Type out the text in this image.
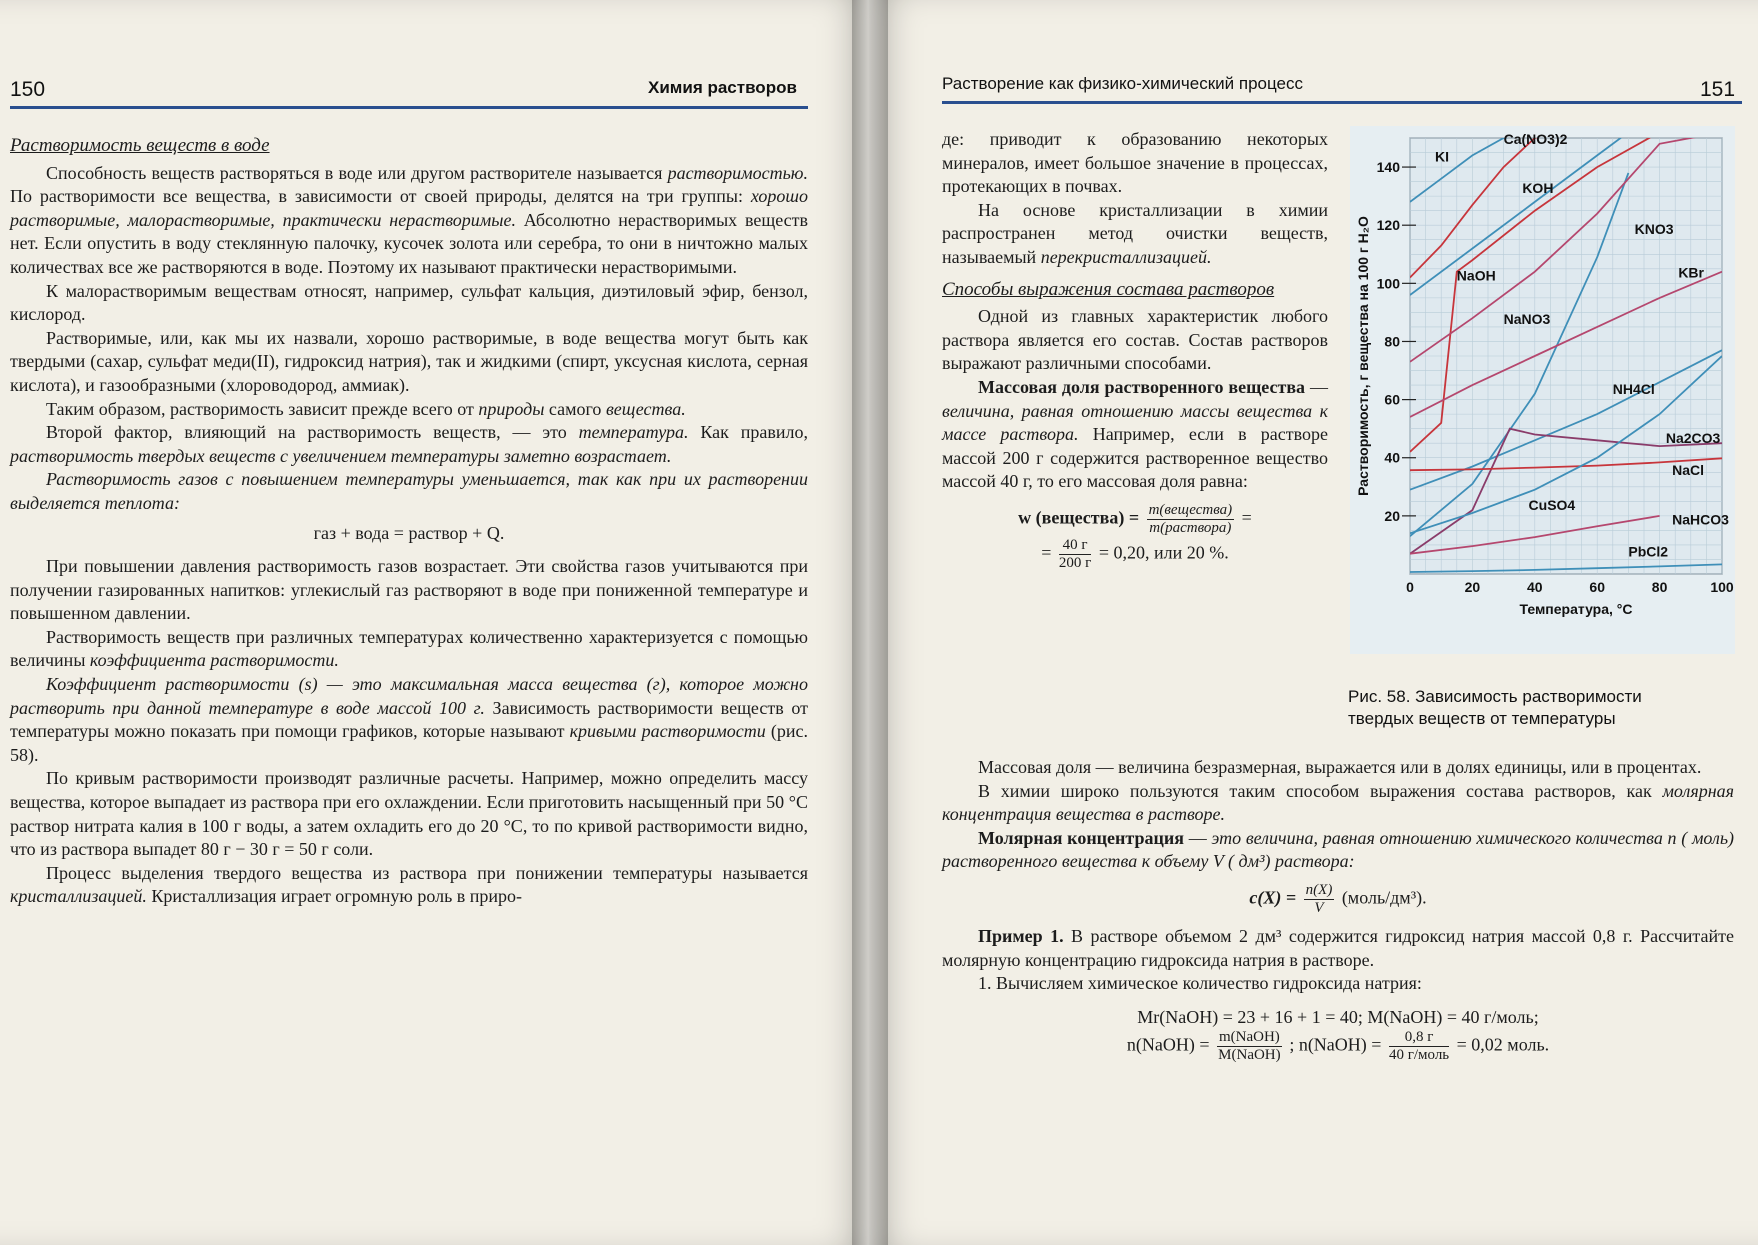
150	Химия растворов

Растворимость веществ в воде

Способность веществ растворяться в воде или другом растворителе называется растворимостью. По растворимости все вещества, в зависимости от своей природы, делятся на три группы: хорошо растворимые, малорастворимые, практически нерастворимые. Абсолютно нерастворимых веществ нет. Если опустить в воду стеклянную палочку, кусочек золота или серебра, то они в ничтожно малых количествах все же растворяются в воде. Поэтому их называют практически нерастворимыми.

К малорастворимым веществам относят, например, сульфат кальция, диэтиловый эфир, бензол, кислород.

Растворимые, или, как мы их назвали, хорошо растворимые, в воде вещества могут быть как твердыми (сахар, сульфат меди(II), гидроксид натрия), так и жидкими (спирт, уксусная кислота, серная кислота), и газообразными (хлороводород, аммиак).

Таким образом, растворимость зависит прежде всего от природы самого вещества.

Второй фактор, влияющий на растворимость веществ, — это температура. Как правило, растворимость твердых веществ с увеличением температуры заметно возрастает.

Растворимость газов с повышением температуры уменьшается, так как при их растворении выделяется теплота:

газ + вода = раствор + Q.

При повышении давления растворимость газов возрастает. Эти свойства газов учитываются при получении газированных напитков: углекислый газ растворяют в воде при пониженной температуре и повышенном давлении.

Растворимость веществ при различных температурах количественно характеризуется с помощью величины коэффициента растворимости.

Коэффициент растворимости (s) — это максимальная масса вещества (г), которое можно растворить при данной температуре в воде массой 100 г. Зависимость растворимости веществ от температуры можно показать при помощи графиков, которые называют кривыми растворимости (рис. 58).

По кривым растворимости производят различные расчеты. Например, можно определить массу вещества, которое выпадает из раствора при его охлаждении. Если приготовить насыщенный при 50 °С раствор нитрата калия в 100 г воды, а затем охладить его до 20 °С, то по кривой растворимости видно, что из раствора выпадет 80 г − 30 г = 50 г соли.

Процесс выделения твердого вещества из раствора при понижении температуры называется кристаллизацией. Кристаллизация играет огромную роль в приро-

Растворение как физико-химический процесс	151

де: приводит к образованию некоторых минералов, имеет большое значение в процессах, протекающих в почвах.

На основе кристаллизации в химии распространен метод очистки веществ, называемый перекристаллизацией.

Способы выражения состава растворов

Одной из главных характеристик любого раствора является его состав. Состав растворов выражают различными способами.

Массовая доля растворенного вещества — величина, равная отношению массы вещества к массе раствора. Например, если в растворе массой 200 г содержится растворенное вещество массой 40 г, то его массовая доля равна:

w (вещества) = $\frac{\text{m(вещества)}}{\text{m(раствора)}}$ =

= $\frac{40 г}{200 г} = 0,20$, или 20 %.

20
40
60
80
100
120
140
0	20	40	60	80	100
Температура, °С
Растворимость, г вещества на 100 г H₂O
KI
Ca(NO3)2
KOH
KNO3
NaOH	KBr
NaNO3
NH4Cl
Na2CO3
NaCl
CuSO4
NaHCO3
PbCl2
Рис. 58. Зависимость растворимости твердых веществ от температуры

Массовая доля — величина безразмерная, выражается или в долях единицы, или в процентах.

В химии широко пользуются таким способом выражения состава растворов, как молярная концентрация вещества в растворе.

Молярная концентрация — это величина, равная отношению химического количества n ( моль) растворенного вещества к объему V ( дм³) раствора:

$c(X) = \frac{n(X)}{V}$ (моль/дм³).

Пример 1. В растворе объемом 2 дм³ содержится гидроксид натрия массой 0,8 г. Рассчитайте молярную концентрацию гидроксида натрия в растворе.

1. Вычисляем химическое количество гидроксида натрия:

Mr(NaOH) = 23 + 16 + 1 = 40; M(NaOH) = 40 г/моль;

n(NaOH) = $\frac{\text{m(NaOH)}}{\text{M(NaOH)}}$ ; n(NaOH) = $\frac{0,8 г}{\text{40 г/моль}} = 0,02$ моль.
